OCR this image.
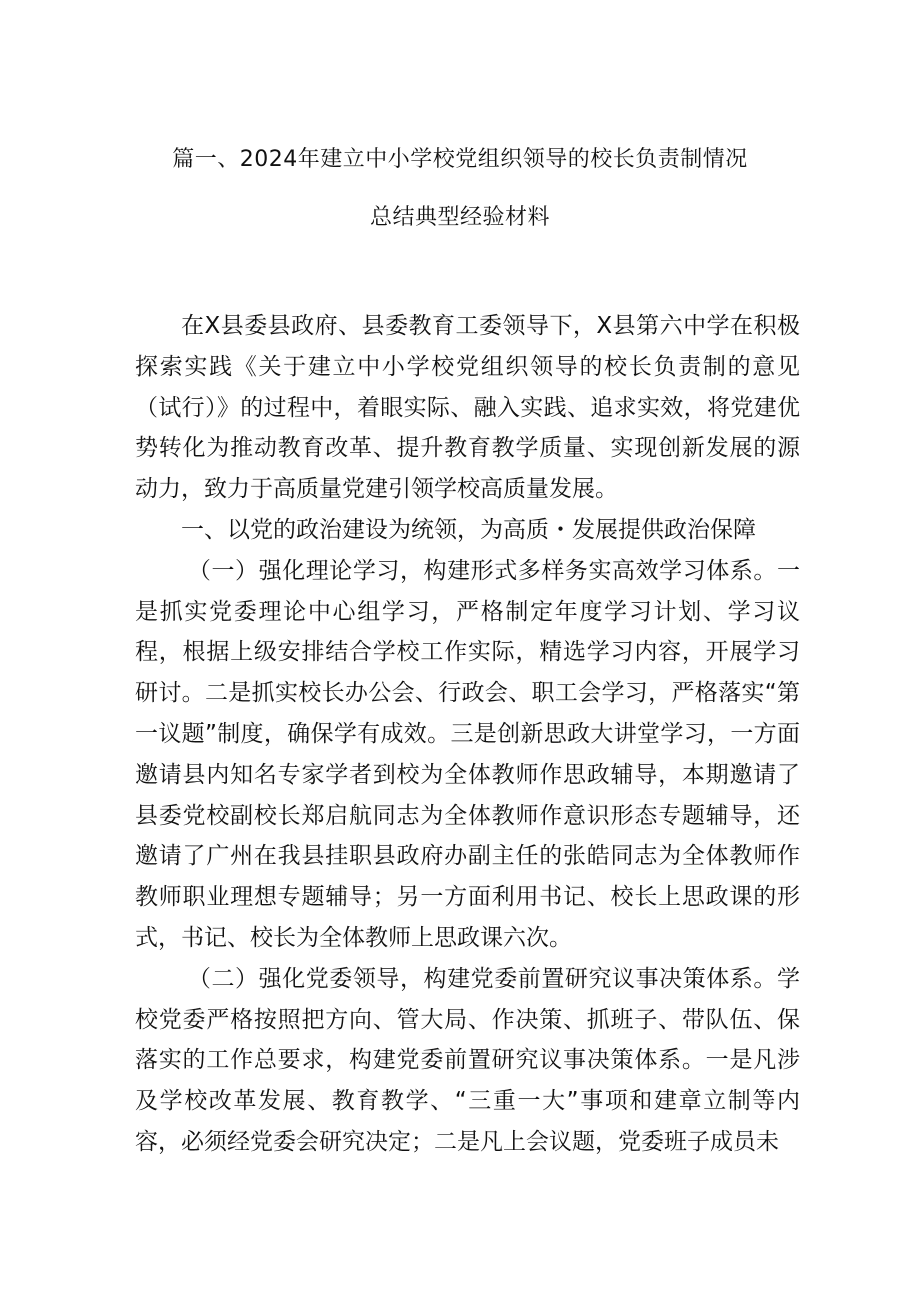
篇一、2024年建立中小学校党组织领导的校长负责制情况
总结典型经验材料

在X县委县政府、县委教育工委领导下，X县第六中学在积极探索实践《关于建立中小学校党组织领导的校长负责制的意见（试行）》的过程中，着眼实际、融入实践、追求实效，将党建优势转化为推动教育改革、提升教育教学质量、实现创新发展的源动力，致力于高质量党建引领学校高质量发展。

一、以党的政治建设为统领，为高质・发展提供政治保障

（一）强化理论学习，构建形式多样务实高效学习体系。一是抓实党委理论中心组学习，严格制定年度学习计划、学习议程，根据上级安排结合学校工作实际，精选学习内容，开展学习研讨。二是抓实校长办公会、行政会、职工会学习，严格落实“第一议题”制度，确保学有成效。三是创新思政大讲堂学习，一方面邀请县内知名专家学者到校为全体教师作思政辅导，本期邀请了县委党校副校长郑启航同志为全体教师作意识形态专题辅导，还邀请了广州在我县挂职县政府办副主任的张皓同志为全体教师作教师职业理想专题辅导；另一方面利用书记、校长上思政课的形式，书记、校长为全体教师上思政课六次。

（二）强化党委领导，构建党委前置研究议事决策体系。学校党委严格按照把方向、管大局、作决策、抓班子、带队伍、保落实的工作总要求，构建党委前置研究议事决策体系。一是凡涉及学校改革发展、教育教学、“三重一大”事项和建章立制等内容，必须经党委会研究决定；二是凡上会议题，党委班子成员未
